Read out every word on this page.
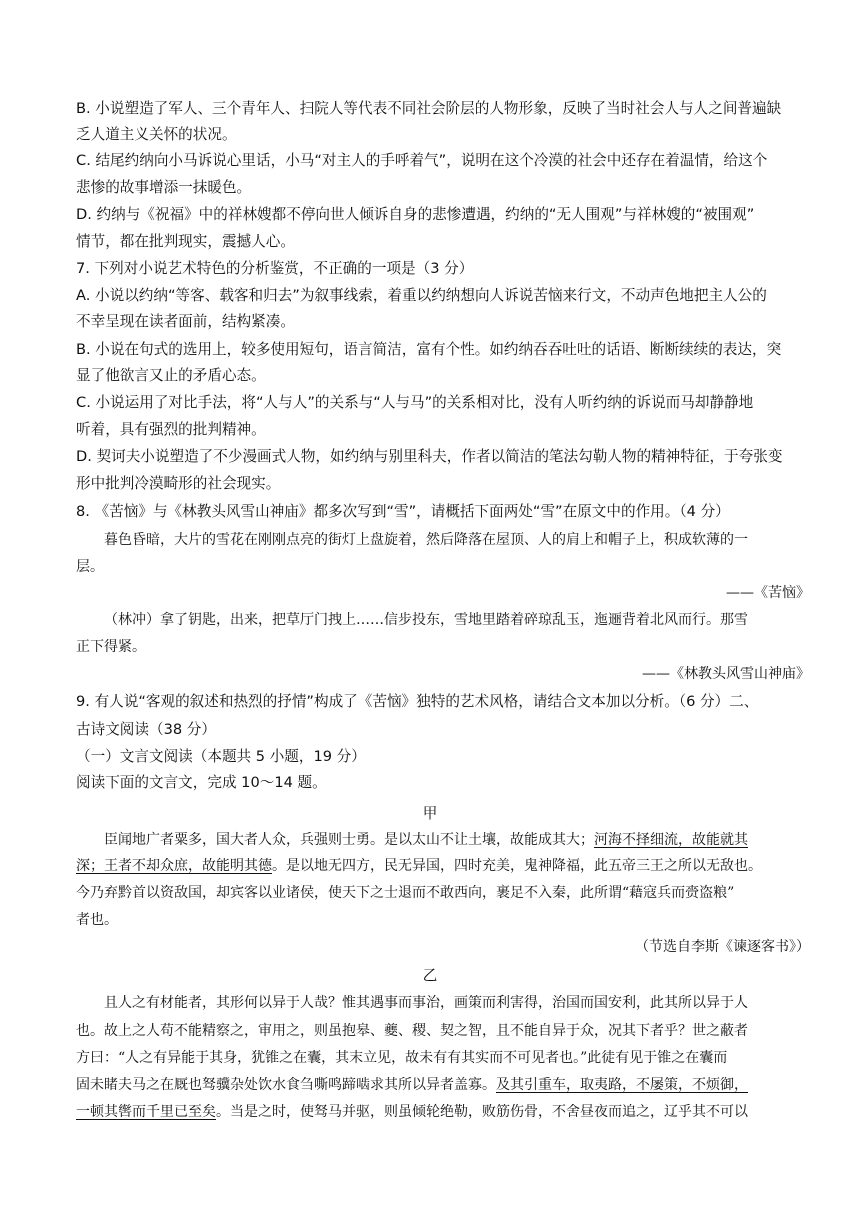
B. 小说塑造了军人、三个青年人、扫院人等代表不同社会阶层的人物形象，反映了当时社会人与人之间普遍缺
乏人道主义关怀的状况。
C. 结尾约纳向小马诉说心里话，小马“对主人的手呼着气”，说明在这个冷漠的社会中还存在着温情，给这个
悲惨的故事增添一抹暖色。
D. 约纳与《祝福》中的祥林嫂都不停向世人倾诉自身的悲惨遭遇，约纳的“无人围观”与祥林嫂的“被围观”
情节，都在批判现实，震撼人心。
7. 下列对小说艺术特色的分析鉴赏，不正确的一项是（3 分）
A. 小说以约纳“等客、载客和归去”为叙事线索，着重以约纳想向人诉说苦恼来行文，不动声色地把主人公的
不幸呈现在读者面前，结构紧凑。
B. 小说在句式的选用上，较多使用短句，语言简洁，富有个性。如约纳吞吞吐吐的话语、断断续续的表达，突
显了他欲言又止的矛盾心态。
C. 小说运用了对比手法，将“人与人”的关系与“人与马”的关系相对比，没有人听约纳的诉说而马却静静地
听着，具有强烈的批判精神。
D. 契诃夫小说塑造了不少漫画式人物，如约纳与别里科夫，作者以简洁的笔法勾勒人物的精神特征，于夸张变
形中批判冷漠畸形的社会现实。
8. 《苦恼》与《林教头风雪山神庙》都多次写到“雪”，请概括下面两处“雪”在原文中的作用。（4 分）
暮色昏暗，大片的雪花在刚刚点亮的街灯上盘旋着，然后降落在屋顶、人的肩上和帽子上，积成软薄的一
层。
——《苦恼》
（林冲）拿了钥匙，出来，把草厅门拽上……信步投东，雪地里踏着碎琼乱玉，迤逦背着北风而行。那雪
正下得紧。
——《林教头风雪山神庙》
9. 有人说“客观的叙述和热烈的抒情”构成了《苦恼》独特的艺术风格，请结合文本加以分析。（6 分）二、
古诗文阅读（38 分）
（一）文言文阅读（本题共 5 小题，19 分）
阅读下面的文言文，完成 10～14 题。
甲
臣闻地广者粟多，国大者人众，兵强则士勇。是以太山不让土壤，故能成其大；河海不择细流，故能就其
深；王者不却众庶，故能明其德。是以地无四方，民无异国，四时充美，鬼神降福，此五帝三王之所以无敌也。
今乃弃黔首以资敌国，却宾客以业诸侯，使天下之士退而不敢西向，裹足不入秦，此所谓“藉寇兵而赍盗粮”
者也。
（节选自李斯《谏逐客书》）
乙
且人之有材能者，其形何以异于人哉？惟其遇事而事治，画策而利害得，治国而国安利，此其所以异于人
也。故上之人苟不能精察之，审用之，则虽抱皋、夔、稷、契之智，且不能自异于众，况其下者乎？世之蔽者
方曰：“人之有异能于其身，犹锥之在囊，其末立见，故未有有其实而不可见者也。”此徒有见于锥之在囊而
固未睹夫马之在厩也驽骥杂处饮水食刍嘶鸣蹄啮求其所以异者盖寡。及其引重车，取夷路，不屡策，不烦御，
一顿其辔而千里已至矣。当是之时，使驽马并驱，则虽倾轮绝勒，败筋伤骨，不舍昼夜而追之，辽乎其不可以
